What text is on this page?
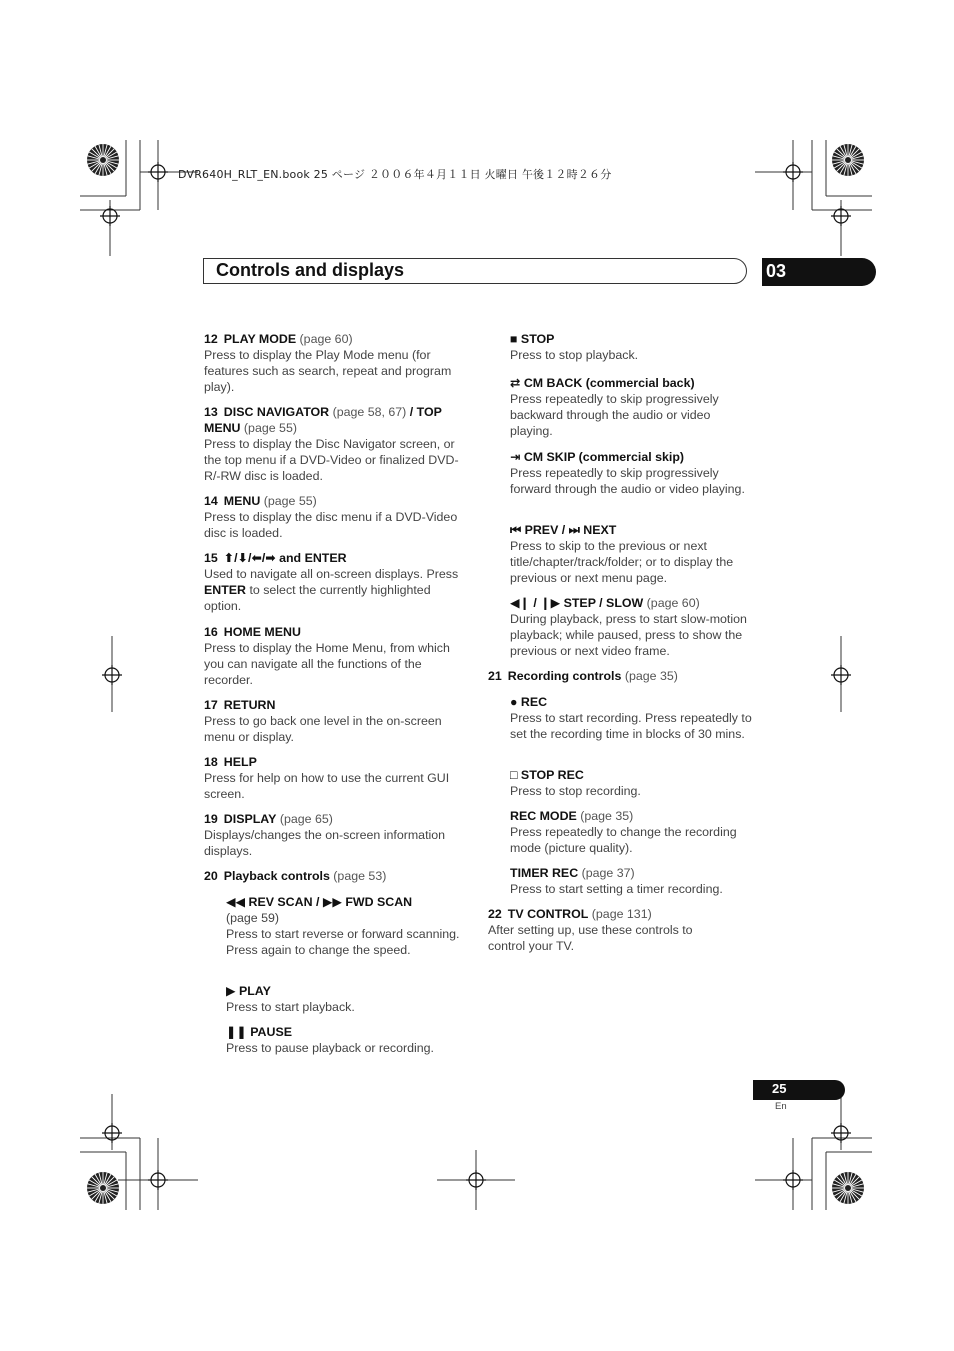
DVR640H_RLT_EN.book 25 ページ ２００６年４月１１日 火曜日 午後１２時２６分
Controls and displays	03
12 PLAY MODE (page 60)
Press to display the Play Mode menu (for features such as search, repeat and program play).
13 DISC NAVIGATOR (page 58, 67) / TOP MENU (page 55)
Press to display the Disc Navigator screen, or the top menu if a DVD-Video or finalized DVD-R/-RW disc is loaded.
14 MENU (page 55)
Press to display the disc menu if a DVD-Video disc is loaded.
15 ⬆/⬇/⬅/➡ and ENTER
Used to navigate all on-screen displays. Press ENTER to select the currently highlighted option.
16 HOME MENU
Press to display the Home Menu, from which you can navigate all the functions of the recorder.
17 RETURN
Press to go back one level in the on-screen menu or display.
18 HELP
Press for help on how to use the current GUI screen.
19 DISPLAY (page 65)
Displays/changes the on-screen information displays.
20 Playback controls (page 53)
◀◀ REV SCAN / ▶▶ FWD SCAN
(page 59)
Press to start reverse or forward scanning. Press again to change the speed.
▶ PLAY
Press to start playback.
❚❚ PAUSE
Press to pause playback or recording.
■ STOP
Press to stop playback.
⇄ CM BACK (commercial back)
Press repeatedly to skip progressively backward through the audio or video playing.
⇥ CM SKIP (commercial skip)
Press repeatedly to skip progressively forward through the audio or video playing.
⏮ PREV / ⏭ NEXT
Press to skip to the previous or next title/chapter/track/folder; or to display the previous or next menu page.
◀❙ / ❙▶ STEP / SLOW (page 60)
During playback, press to start slow-motion playback; while paused, press to show the previous or next video frame.
21 Recording controls (page 35)
● REC
Press to start recording. Press repeatedly to set the recording time in blocks of 30 mins.
□ STOP REC
Press to stop recording.
REC MODE (page 35)
Press repeatedly to change the recording mode (picture quality).
TIMER REC (page 37)
Press to start setting a timer recording.
22 TV CONTROL (page 131)
After setting up, use these controls to control your TV.
25
En
